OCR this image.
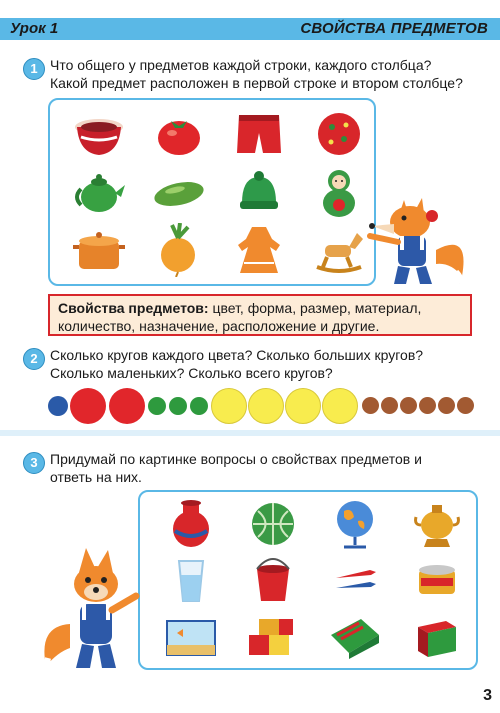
Урок 1	СВОЙСТВА ПРЕДМЕТОВ
1 Что общего у предметов каждой строки, каждого столбца?
Какой предмет расположен в первой строке и втором столбце?
Свойства предметов: цвет, форма, размер, материал,
количество, назначение, расположение и другие.
2 Сколько кругов каждого цвета? Сколько больших кругов?
Сколько маленьких? Сколько всего кругов?
3 Придумай по картинке вопросы о свойствах предметов и
ответь на них.
3
